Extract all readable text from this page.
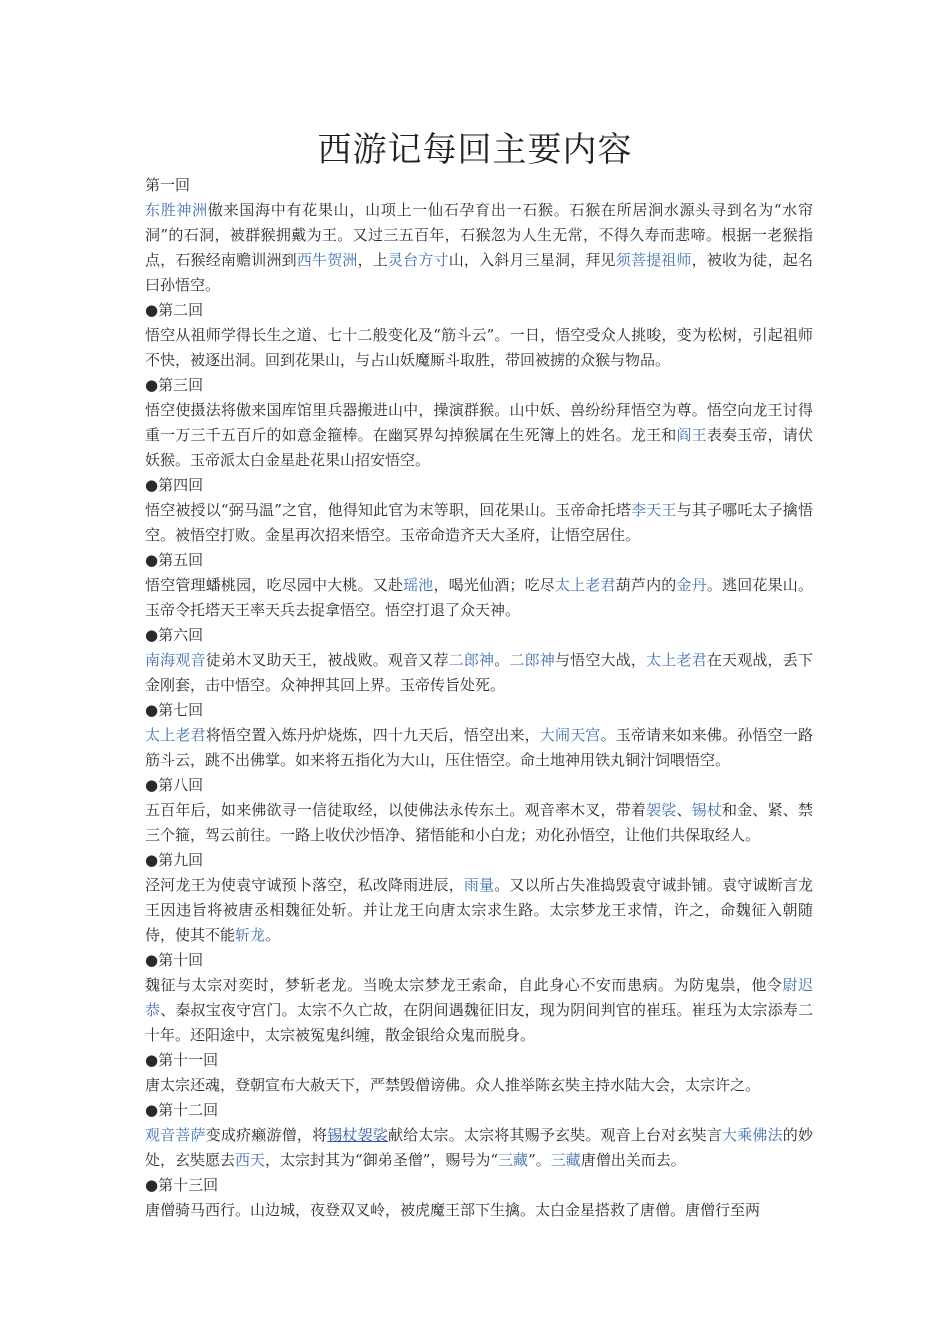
西游记每回主要内容
第一回
东胜神洲傲来国海中有花果山，山项上一仙石孕育出一石猴。石猴在所居涧水源头寻到名为“水帘洞”的石洞，被群猴拥戴为王。又过三五百年，石猴忽为人生无常，不得久寿而悲啼。根据一老猴指点，石猴经南赡训洲到西牛贺洲，上灵台方寸山，入斜月三星洞，拜见须菩提祖师，被收为徒，起名曰孙悟空。
●第二回
悟空从祖师学得长生之道、七十二般变化及“筋斗云”。一日，悟空受众人挑唆，变为松树，引起祖师不快，被逐出洞。回到花果山，与占山妖魔厮斗取胜，带回被掳的众猴与物品。
●第三回
悟空使摄法将傲来国库馆里兵器搬进山中，操演群猴。山中妖、兽纷纷拜悟空为尊。悟空向龙王讨得重一万三千五百斤的如意金箍棒。在幽冥界勾掉猴属在生死簿上的姓名。龙王和阎王表奏玉帝，请伏妖猴。玉帝派太白金星赴花果山招安悟空。
●第四回
悟空被授以“弼马温”之官，他得知此官为末等职，回花果山。玉帝命托塔李天王与其子哪吒太子擒悟空。被悟空打败。金星再次招来悟空。玉帝命造齐天大圣府，让悟空居住。
●第五回
悟空管理蟠桃园，吃尽园中大桃。又赴瑶池，喝光仙酒；吃尽太上老君葫芦内的金丹。逃回花果山。玉帝令托塔天王率天兵去捉拿悟空。悟空打退了众天神。
●第六回
南海观音徒弟木叉助天王，被战败。观音又荐二郎神。二郎神与悟空大战，太上老君在天观战，丢下金刚套，击中悟空。众神押其回上界。玉帝传旨处死。
●第七回
太上老君将悟空置入炼丹炉烧炼，四十九天后，悟空出来，大闹天宫。玉帝请来如来佛。孙悟空一路筋斗云，跳不出佛掌。如来将五指化为大山，压住悟空。命土地神用铁丸铜汁饲喂悟空。
●第八回
五百年后，如来佛欲寻一信徒取经，以使佛法永传东土。观音率木叉，带着袈裟、锡杖和金、紧、禁三个箍，驾云前往。一路上收伏沙悟净、猪悟能和小白龙；劝化孙悟空，让他们共保取经人。
●第九回
泾河龙王为使袁守诚预卜落空，私改降雨进辰，雨量。又以所占失准捣毁袁守诚卦铺。袁守诚断言龙王因违旨将被唐丞相魏征处斩。并让龙王向唐太宗求生路。太宗梦龙王求情，许之，命魏征入朝随侍，使其不能斩龙。
●第十回
魏征与太宗对奕时，梦斩老龙。当晚太宗梦龙王索命，自此身心不安而患病。为防鬼祟，他令尉迟恭、秦叔宝夜守宫门。太宗不久亡故，在阴间遇魏征旧友，现为阴间判官的崔珏。崔珏为太宗添寿二十年。还阳途中，太宗被冤鬼纠缠，散金银给众鬼而脱身。
●第十一回
唐太宗还魂，登朝宣布大赦天下，严禁毁僧谤佛。众人推举陈玄奘主持水陆大会，太宗许之。
●第十二回
观音菩萨变成疥癞游僧，将锡杖袈裟献给太宗。太宗将其赐予玄奘。观音上台对玄奘言大乘佛法的妙处，玄奘愿去西天，太宗封其为“御弟圣僧”，赐号为“三藏”。三藏唐僧出关而去。
●第十三回
唐僧骑马西行。山边城，夜登双叉岭，被虎魔王部下生擒。太白金星搭救了唐僧。唐僧行至两
